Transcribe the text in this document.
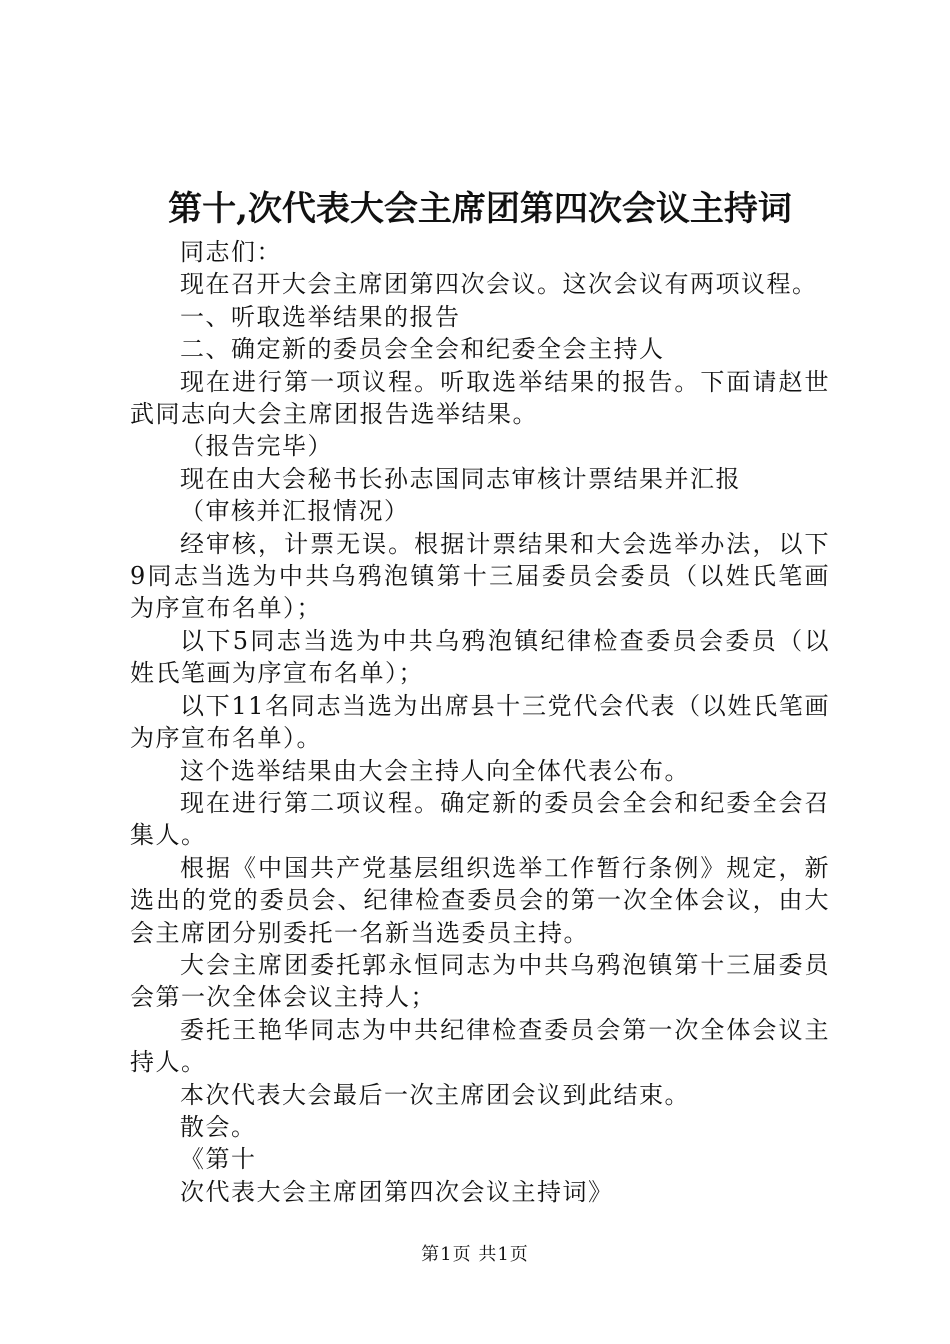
第十,次代表大会主席团第四次会议主持词

同志们：

现在召开大会主席团第四次会议。这次会议有两项议程。

一、听取选举结果的报告

二、确定新的委员会全会和纪委全会主持人

现在进行第一项议程。听取选举结果的报告。下面请赵世武同志向大会主席团报告选举结果。

（报告完毕）

现在由大会秘书长孙志国同志审核计票结果并汇报

（审核并汇报情况）

经审核，计票无误。根据计票结果和大会选举办法，以下9同志当选为中共乌鸦泡镇第十三届委员会委员（以姓氏笔画为序宣布名单）；

以下5同志当选为中共乌鸦泡镇纪律检查委员会委员（以姓氏笔画为序宣布名单）；

以下11名同志当选为出席县十三党代会代表（以姓氏笔画为序宣布名单）。

这个选举结果由大会主持人向全体代表公布。

现在进行第二项议程。确定新的委员会全会和纪委全会召集人。

根据《中国共产党基层组织选举工作暂行条例》规定，新选出的党的委员会、纪律检查委员会的第一次全体会议，由大会主席团分别委托一名新当选委员主持。

大会主席团委托郭永恒同志为中共乌鸦泡镇第十三届委员会第一次全体会议主持人；

委托王艳华同志为中共纪律检查委员会第一次全体会议主持人。

本次代表大会最后一次主席团会议到此结束。

散会。

《第十

次代表大会主席团第四次会议主持词》

第1页 共1页
